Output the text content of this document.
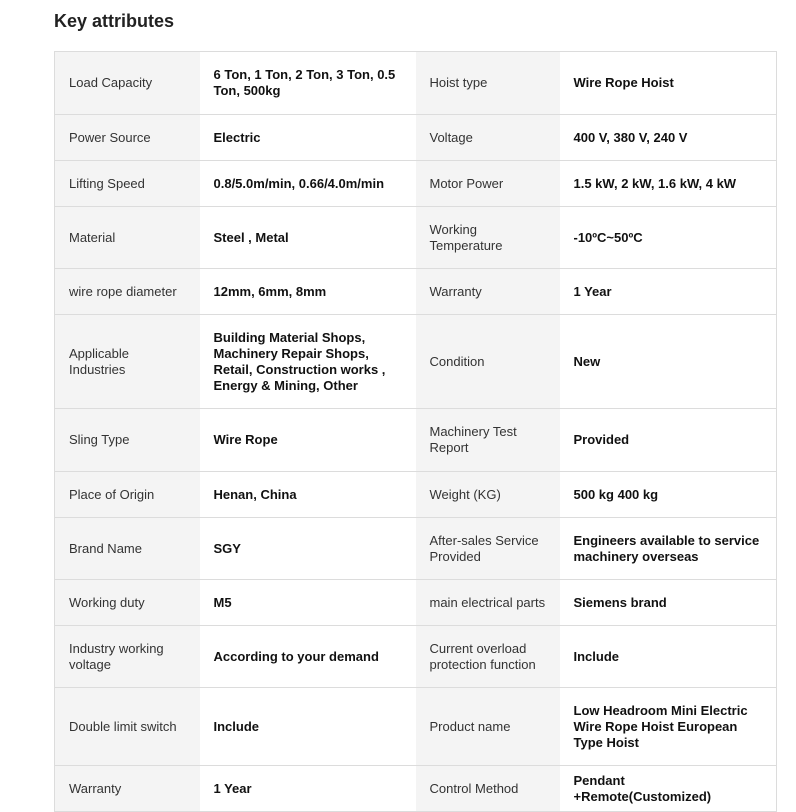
Key attributes
Load Capacity	6 Ton, 1 Ton, 2 Ton, 3 Ton, 0.5 Ton, 500kg	Hoist type	Wire Rope Hoist
Power Source	Electric	Voltage	400 V, 380 V, 240 V
Lifting Speed	0.8/5.0m/min, 0.66/4.0m/min	Motor Power	1.5 kW, 2 kW, 1.6 kW, 4 kW
Material	Steel , Metal	Working Temperature	-10ºC~50ºC
wire rope diameter	12mm, 6mm, 8mm	Warranty	1 Year
Applicable Industries	Building Material Shops, Machinery Repair Shops, Retail, Construction works , Energy & Mining, Other	Condition	New
Sling Type	Wire Rope	Machinery Test Report	Provided
Place of Origin	Henan, China	Weight (KG)	500 kg 400 kg
Brand Name	SGY	After-sales Service Provided	Engineers available to service machinery overseas
Working duty	M5	main electrical parts	Siemens brand
Industry working voltage	According to your demand	Current overload protection function	Include
Double limit switch	Include	Product name	Low Headroom Mini Electric Wire Rope Hoist European Type Hoist
Warranty	1 Year	Control Method	Pendant +Remote(Customized)
